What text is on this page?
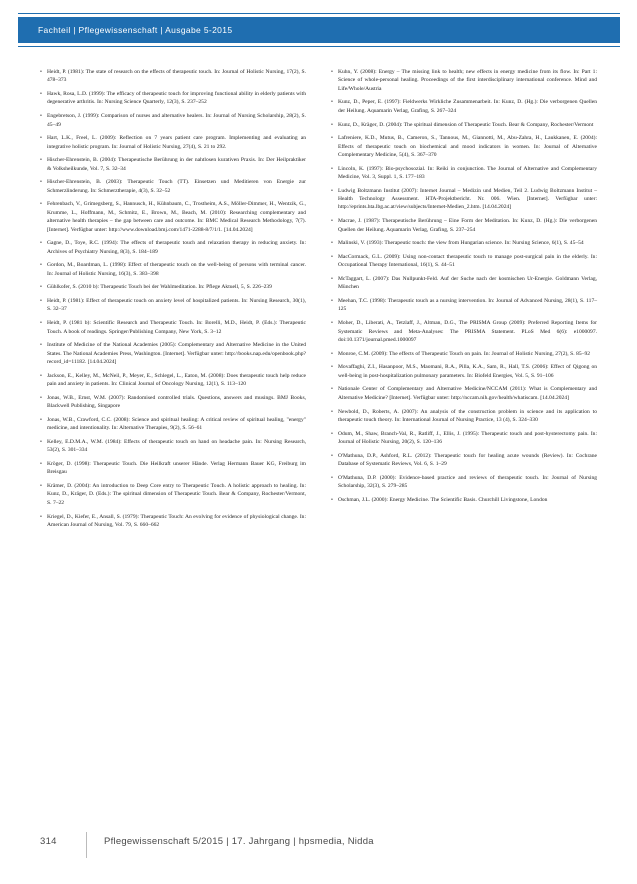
Fachteil | Pflegewissenschaft | Ausgabe 5-2015
• Heidt, P. (1981): The state of research on the effects of therapeutic touch. In: Journal of Holistic Nursing, 17(2), S. 478–373
• Hawk, Rosa, L.D. (1999): The efficacy of therapeutic touch for improving functional ability in elderly patients with degenerative arthritis. In: Nursing Science Quarterly, 12(3), S. 237–252
• Engebretson, J. (1999): Comparison of nurses and alternative healers. In: Journal of Nursing Scholarship, 28(2), S. 45–49
• Hart, L.K., Freel, L. (2009): Reflection on 7 years patient care program. Implementing and evaluating an integrative holistic program. In: Journal of Holistic Nursing, 27(4), S. 21 to 292.
• Hischer-Ehrenstein, B. (2004): Therapeutische Berührung in der nahtlosen kurativen Praxis. In: Der Heilpraktiker & Volksheilkunde, Vol. 7, S. 32–34
• Hischer-Ehrenstein, B. (2003): Therapeutic Touch (TT). Einsetzen und Meditieren von Energie zur Schmerzlinderung. In: Schmerztherapie, 4(3), S. 32–52
• Fehrenbach, V., Grimegsberg, S., Hannusch, H., Kühnbaum, C., Trostheim, A.S., Möller-Dimmer, H., Wentzik, G., Krumme, L., Hoffmann, M., Schmitz, E., Brown, M., Beach, M. (2010): Researching complementary and alternative health therapies – the gap between care and outcome. In: BMC Medical Research Methodology, 7(7). [Internet]. Verfügbar unter: http://www.download.bmj.com/1471-2288-8/7/1/1. [14.04.2024]
• Gagne, D., Toye, R.C. (1994): The effects of therapeutic touch and relaxation therapy in reducing anxiety. In: Archives of Psychiatry Nursing, 8(3), S. 184–189
• Gordon, M., Boardman, L. (1998): Effect of therapeutic touch on the well-being of persons with terminal cancer. In: Journal of Holistic Nursing, 16(3), S. 383–398
• Gühlkofer, S. (2010 b): Therapeutic Touch bei der Wahlmeditation. In: Pflege Aktuell, 5, S. 226–239
• Heidt, P. (1981): Effect of therapeutic touch on anxiety level of hospitalized patients. In: Nursing Research, 30(1), S. 32–37
• Heidt, P. (1981 b): Scientific Research and Therapeutic Touch. In: Borelli, M.D., Heidt, P. (Eds.): Therapeutic Touch. A book of readings. Springer/Publishing Company, New York, S. 3–12
• Institute of Medicine of the National Academies (2005): Complementary and Alternative Medicine in the United States. The National Academies Press, Washington. [Internet]. Verfügbar unter: http://books.nap.edu/openbook.php?record_id=11182. [14.04.2024]
• Jackson, E., Kelley, M., McNeil, P., Meyer, E., Schlegel, L., Eaton, M. (2008): Does therapeutic touch help reduce pain and anxiety in patients. In: Clinical Journal of Oncology Nursing, 12(1), S. 113–120
• Jonas, W.B., Ernst, W.M. (2007): Randomised controlled trials. Questions, answers and musings. BMJ Books, Blackwell Publishing, Singapore
• Jonas, W.B., Crawford, C.C. (2008): Science and spiritual healing: A critical review of spiritual healing, "energy" medicine, and intentionality. In: Alternative Therapies, 9(2), S. 56–61
• Kelley, E.D.M.A., W.M. (1984): Effects of therapeutic touch on hand on headache pain. In: Nursing Research, 53(2), S. 301–334
• Kröger, D. (1998): Therapeutic Touch. Die Heilkraft unserer Hände. Verlag Hermann Bauer KG, Freiburg im Breisgau
• Krämer, D. (2004): An introduction to Deep Core entry to Therapeutic Touch. A holistic approach to healing. In: Kunz, D., Kräger, D. (Eds.): The spiritual dimension of Therapeutic Touch. Bear & Company, Rochester/Vermont, S. 7–22
• Kriegel, D., Kiefer, E., Ansall, S. (1979): Therapeutic Touch: An evolving for evidence of physiological change. In: American Journal of Nursing, Vol. 79, S. 660–662
• Kuhn, Y. (2008): Energy – The missing link to health; new effects in energy medicine from its flow. In: Part 1: Science of whole-personal healing. Proceedings of the first interdisciplinary international conference. Mind and Life/Whole/Austria
• Kunz, D., Peper, E. (1997): Fieldwerks Wirkliche Zusammenarbeit. In: Kunz, D. (Hg.): Die verborgenen Quellen der Heilung. Aquamarin Verlag, Grafing, S. 267–324
• Kunz, D., Kräger, D. (2004): The spiritual dimension of Therapeutic Touch. Bear & Company, Rochester/Vermont
• Lafreniere, K.D., Mutus, B., Cameron, S., Tannous, M., Giannotti, M., Abu-Zahra, H., Laukkanen, E. (2004): Effects of therapeutic touch on biochemical and mood indicators in women. In: Journal of Alternative Complementary Medicine, 5(4), S. 367–370
• Lincoln, K. (1997): Bio-psychosozial. In: Reiki in conjunction. The Journal of Alternative and Complementary Medicine, Vol. 3, Suppl. 1, S. 177–183
• Ludwig Boltzmann Institut (2007): Internet Journal – Medizin und Medien, Teil 2. Ludwig Boltzmann Institut – Health Technology Assessment. HTA-Projektbericht. Nr. 006. Wien. [Internet]. Verfügbar unter: http://eprints.hta.lbg.ac.at/view/subjects/Internet-Medien_2.htm. [14.04.2024]
• Macrae, J. (1987): Therapeutische Berührung – Eine Form der Meditation. In: Kunz, D. (Hg.): Die verborgenen Quellen der Heilung. Aquamarin Verlag, Grafing, S. 237–254
• Malinski, V. (1993): Therapeutic touch: the view from Hungarian science. In: Nursing Science, 6(1), S. 45–54
• MacCormack, G.L. (2009): Using non-contact therapeutic touch to manage post-surgical pain in the elderly. In: Occupational Therapy International, 16(1), S. 44–51
• McTaggart, L. (2007): Das Nullpunkt-Feld. Auf der Suche nach der kosmischen Ur-Energie. Goldmann Verlag, München
• Meehan, T.C. (1998): Therapeutic touch as a nursing intervention. In: Journal of Advanced Nursing, 28(1), S. 117–125
• Moher, D., Liberati, A., Tetzlaff, J., Altman, D.G., The PRISMA Group (2009): Preferred Reporting Items for Systematic Reviews and Meta-Analyses: The PRISMA Statement. PLoS Med 6(6): e1000097. doi:10.1371/journal.pmed.1000097
• Monroe, C.M. (2009): The effects of Therapeutic Touch on pain. In: Journal of Holistic Nursing, 27(2), S. 85–92
• Movaffaghi, Z.I., Hasanpoor, M.S., Maomani, R.A., Pilla, K.A., Sam, R., Hall, T.S. (2006): Effect of Qigong on well-being in post-hospitalization pulmonary parameters. In: Biofeld Energies, Vol. 5, S. 91–106
• Nationale Center of Complementary and Alternative Medicine/NCCAM (2011): What is Complementary and Alternative Medicine? [Internet]. Verfügbar unter: http://nccam.nih.gov/health/whatiscam. [14.04.2024]
• Newbold, D., Roberts, A. (2007): An analysis of the construction problem in science and its application to therapeutic touch theory. In: International Journal of Nursing Practice, 13 (4), S. 324–330
• Odum, M., Shaw, Branch-Val, R., Ratliff, J., Ellis, J. (1995): Therapeutic touch and post-hysterectomy pain. In: Journal of Holistic Nursing, 20(2), S. 120–136
• O'Mathuna, D.P., Ashford, R.L. (2012): Therapeutic touch for healing acute wounds (Review). In: Cochrane Database of Systematic Reviews, Vol. 6, S. 1–29
• O'Mathuna, D.P. (2000): Evidence-based practice and reviews of therapeutic touch. In: Journal of Nursing Scholarship, 32(3), S. 279–285
• Oschman, J.L. (2000): Energy Medicine. The Scientific Basis. Churchill Livingstone, London
314	Pflegewissenschaft 5/2015 | 17. Jahrgang | hpsmedia, Nidda
